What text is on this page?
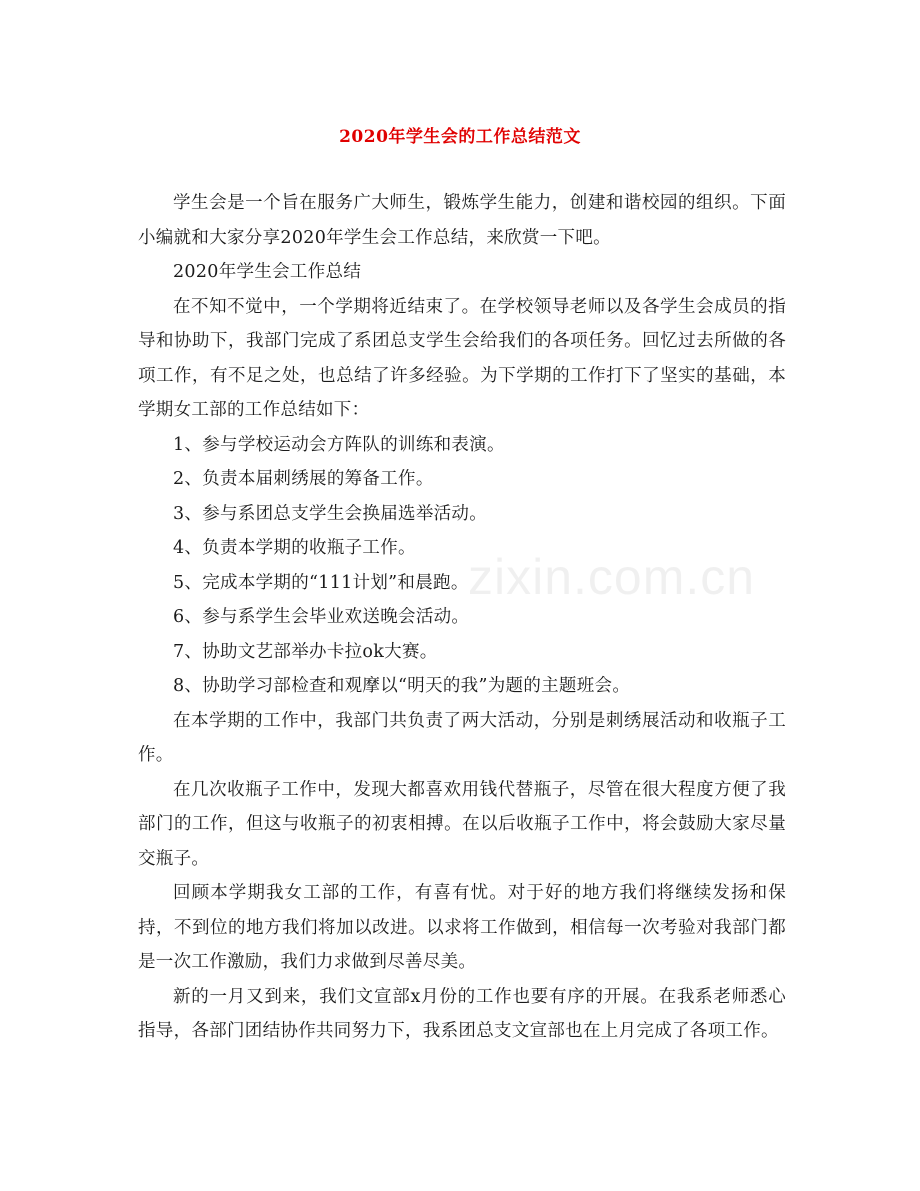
2020年学生会的工作总结范文

学生会是一个旨在服务广大师生，锻炼学生能力，创建和谐校园的组织。下面小编就和大家分享2020年学生会工作总结，来欣赏一下吧。

2020年学生会工作总结

在不知不觉中，一个学期将近结束了。在学校领导老师以及各学生会成员的指导和协助下，我部门完成了系团总支学生会给我们的各项任务。回忆过去所做的各项工作，有不足之处，也总结了许多经验。为下学期的工作打下了坚实的基础，本学期女工部的工作总结如下：

1、参与学校运动会方阵队的训练和表演。

2、负责本届刺绣展的筹备工作。

3、参与系团总支学生会换届选举活动。

4、负责本学期的收瓶子工作。

5、完成本学期的“111计划”和晨跑。

6、参与系学生会毕业欢送晚会活动。

7、协助文艺部举办卡拉ok大赛。

8、协助学习部检查和观摩以“明天的我”为题的主题班会。

在本学期的工作中，我部门共负责了两大活动，分别是刺绣展活动和收瓶子工作。

在几次收瓶子工作中，发现大都喜欢用钱代替瓶子，尽管在很大程度方便了我部门的工作，但这与收瓶子的初衷相搏。在以后收瓶子工作中，将会鼓励大家尽量交瓶子。

回顾本学期我女工部的工作，有喜有忧。对于好的地方我们将继续发扬和保持，不到位的地方我们将加以改进。以求将工作做到，相信每一次考验对我部门都是一次工作激励，我们力求做到尽善尽美。

新的一月又到来，我们文宣部x月份的工作也要有序的开展。在我系老师悉心指导，各部门团结协作共同努力下，我系团总支文宣部也在上月完成了各项工作。

zixin.com.cn
